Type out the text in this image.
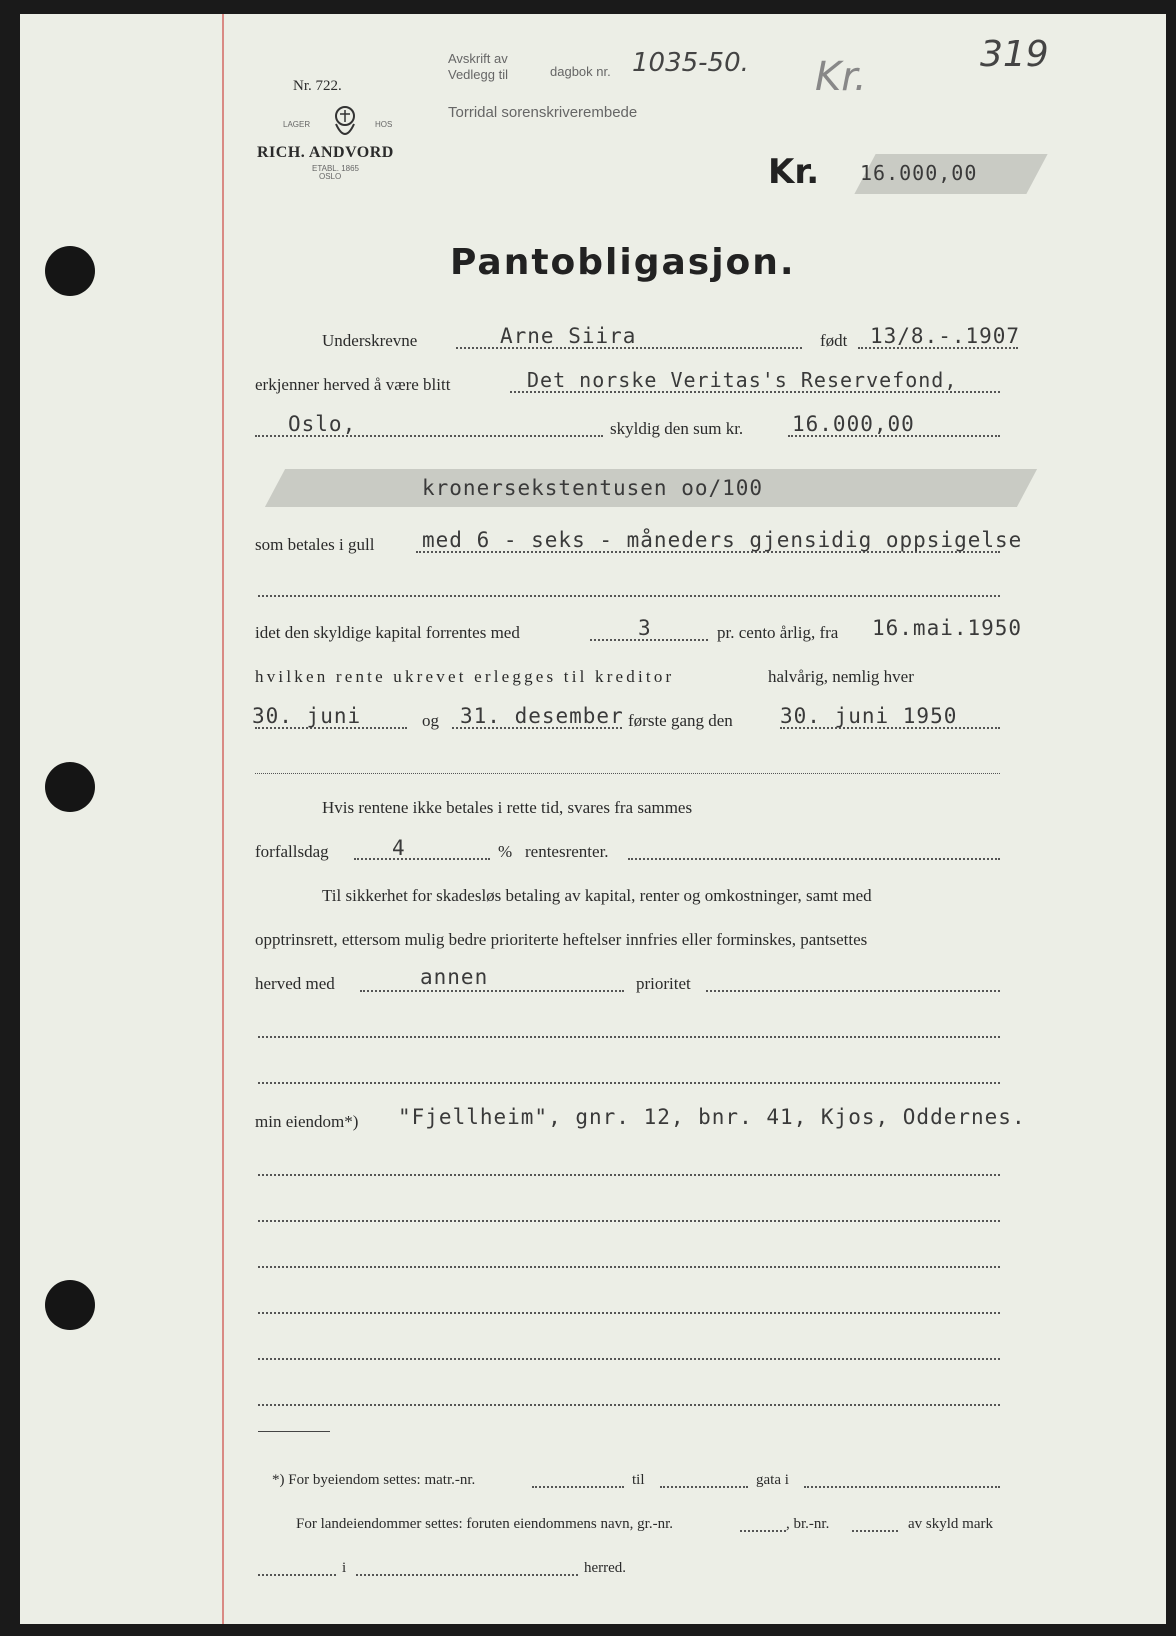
Nr. 722.
LAGER	HOS
RICH. ANDVORD
ETABL. 1865
OSLO
Avskrift av
Vedlegg til	dagbok nr. 1035-50.
Torridal sorenskriverembede
Kr.	319
Kr. 16.000,00
Pantobligasjon.
Underskrevne	Arne Siira	født 13/8.-.1907
erkjenner herved å være blitt	Det norske Veritas's Reservefond,
Oslo,	skyldig den sum kr. 16.000,00
kronersekstentusen oo/100
som betales i gull med 6 - seks - måneders gjensidig oppsigelse
idet den skyldige kapital forrentes med	3	pr. cento årlig, fra 16.mai.1950
hvilken rente ukrevet erlegges til kreditor	halvårig, nemlig hver
30. juni	og 31. desember første gang den 30. juni 1950
Hvis rentene ikke betales i rette tid, svares fra sammes
forfallsdag	4	% rentesrenter.
Til sikkerhet for skadesløs betaling av kapital, renter og omkostninger, samt med
opptrinsrett, ettersom mulig bedre prioriterte heftelser innfries eller forminskes, pantsettes
herved med	annen	prioritet
min eiendom*) "Fjellheim", gnr. 12, bnr. 41, Kjos, Oddernes.
*) For byeiendom settes: matr.-nr.	til	gata i
For landeiendommer settes: foruten eiendommens navn, gr.-nr.	, br.-nr.	av skyld mark
i	herred.
